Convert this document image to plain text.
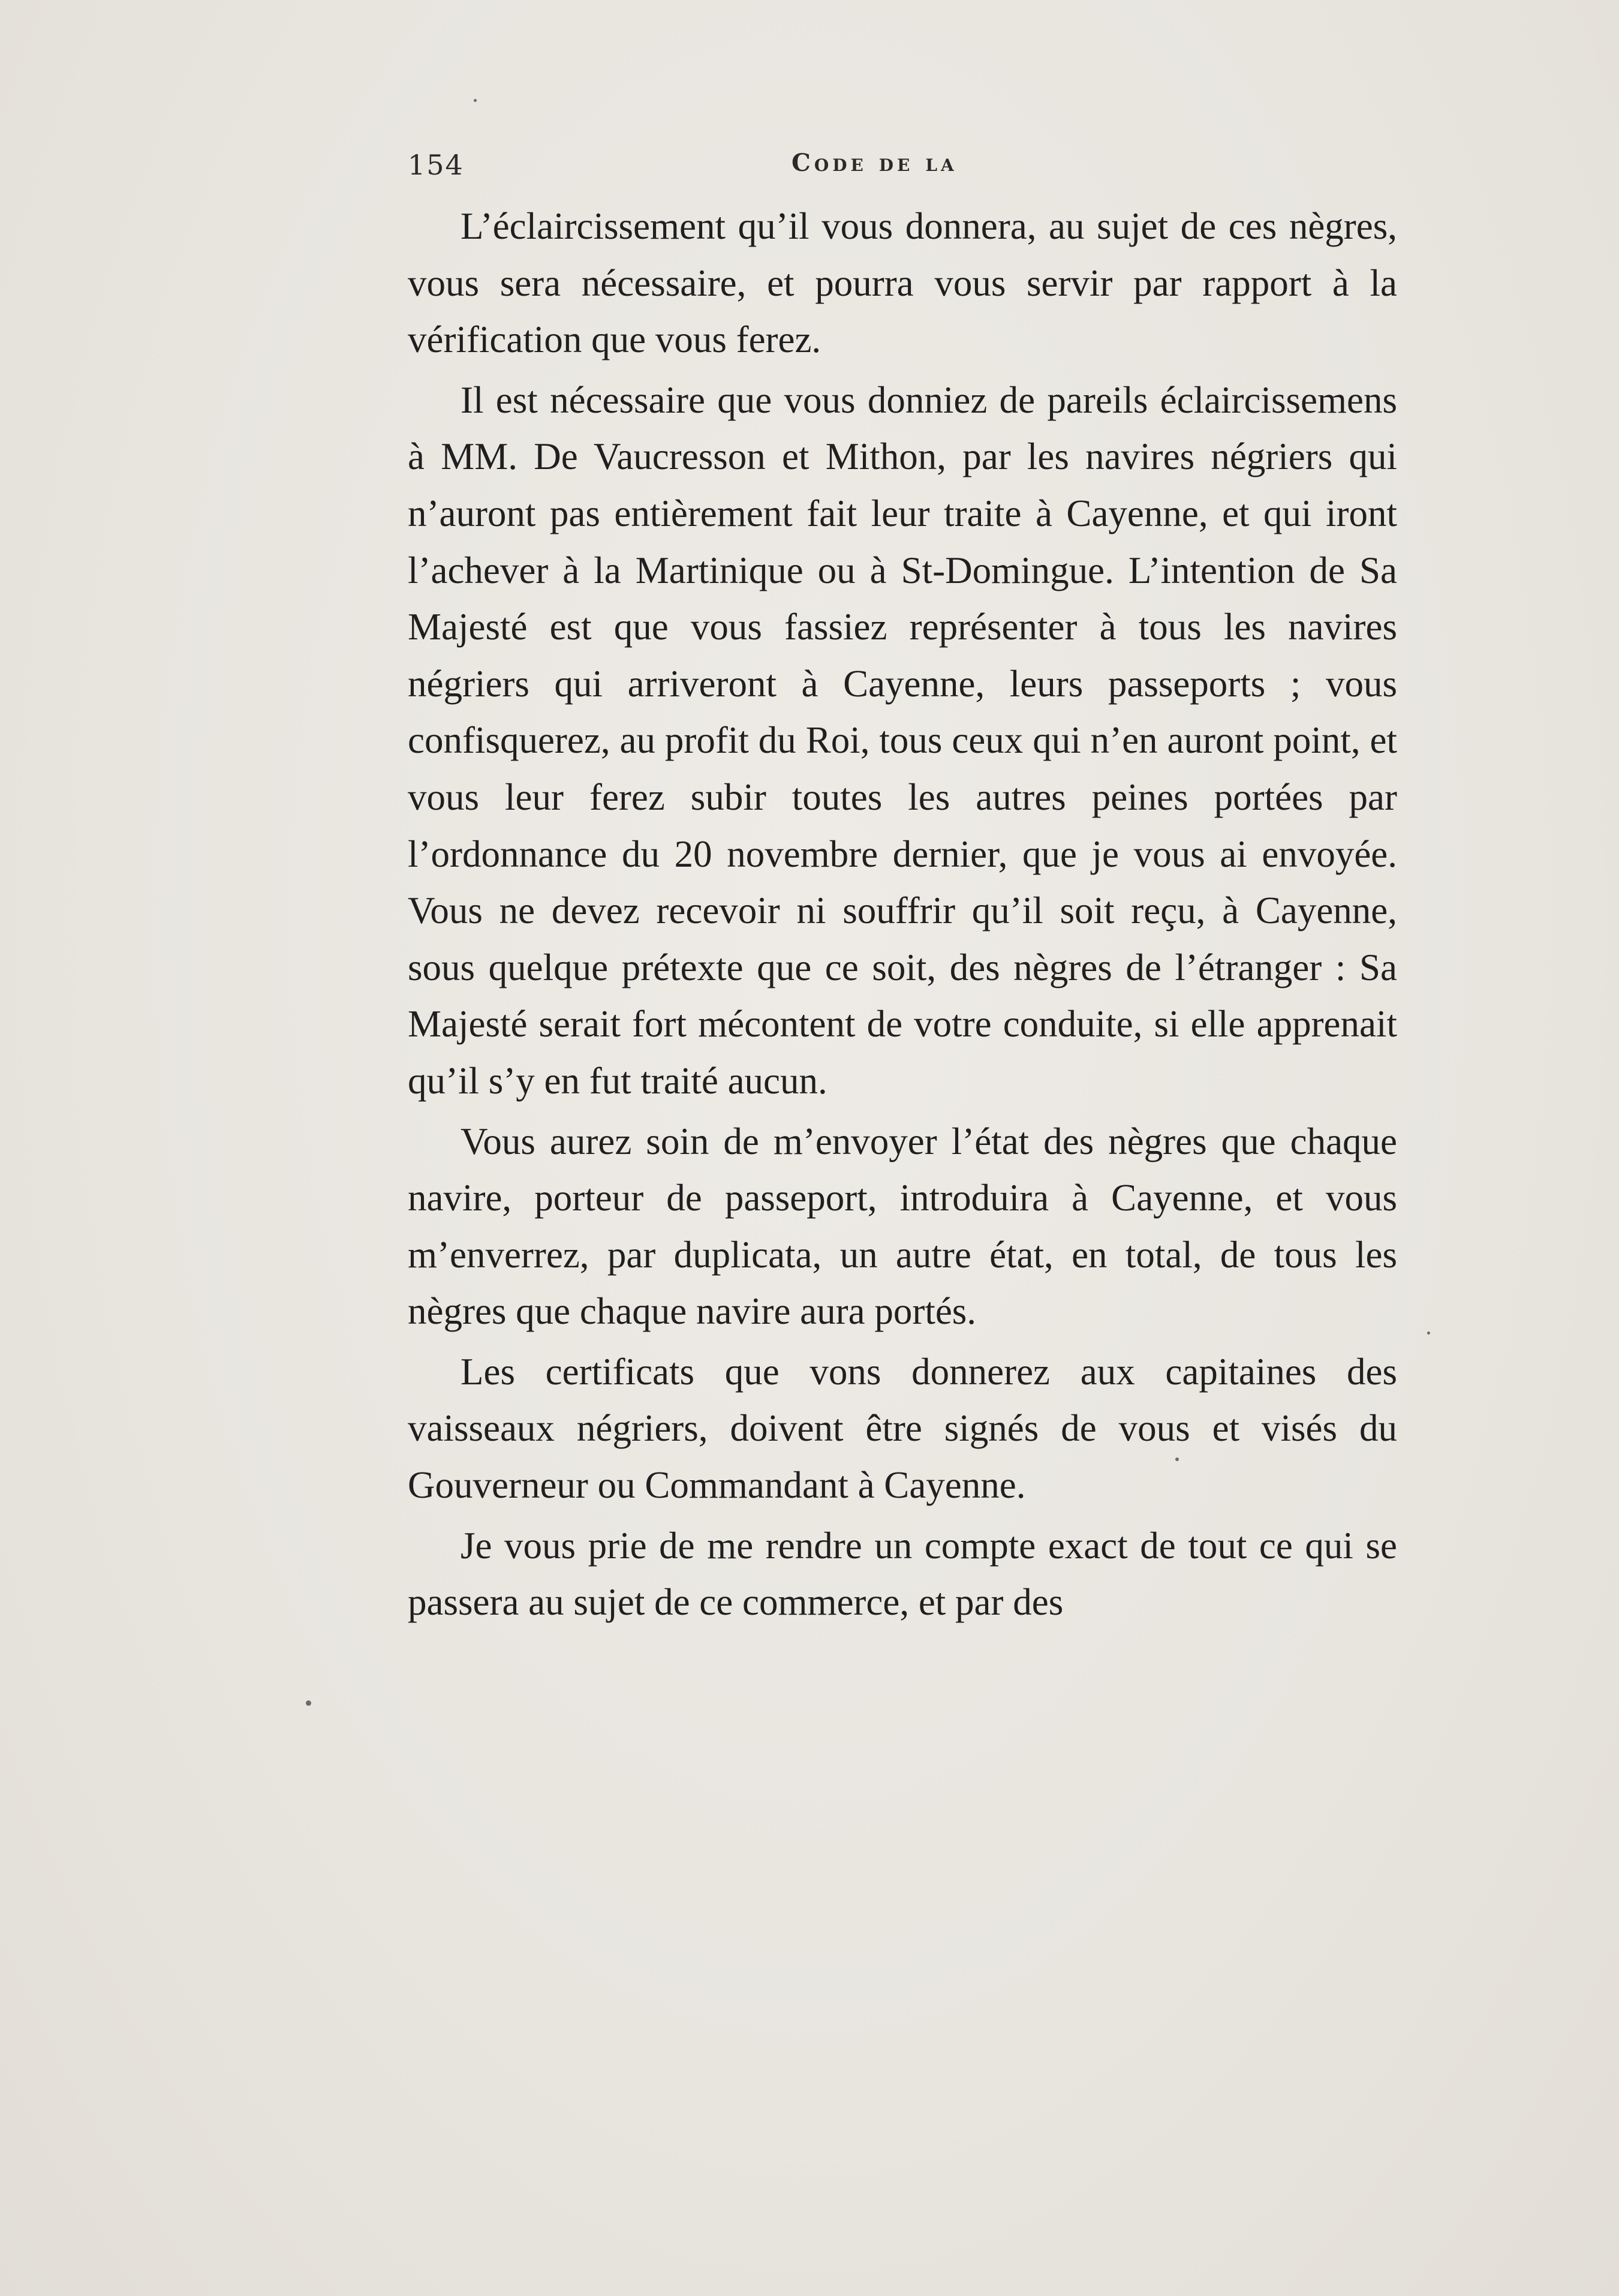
154	Code de la

L’éclaircissement qu’il vous donnera, au sujet de ces nègres, vous sera nécessaire, et pourra vous servir par rapport à la vérification que vous ferez.

Il est nécessaire que vous donniez de pareils éclaircissemens à MM. De Vaucresson et Mithon, par les navires négriers qui n’auront pas entièrement fait leur traite à Cayenne, et qui iront l’achever à la Martinique ou à St-Domingue. L’intention de Sa Majesté est que vous fassiez représenter à tous les navires négriers qui arriveront à Cayenne, leurs passeports ; vous confisquerez, au profit du Roi, tous ceux qui n’en auront point, et vous leur ferez subir toutes les autres peines portées par l’ordonnance du 20 novembre dernier, que je vous ai envoyée. Vous ne devez recevoir ni souffrir qu’il soit reçu, à Cayenne, sous quelque prétexte que ce soit, des nègres de l’étranger : Sa Majesté serait fort mécontent de votre conduite, si elle apprenait qu’il s’y en fut traité aucun.

Vous aurez soin de m’envoyer l’état des nègres que chaque navire, porteur de passeport, introduira à Cayenne, et vous m’enverrez, par duplicata, un autre état, en total, de tous les nègres que chaque navire aura portés.

Les certificats que vons donnerez aux capitaines des vaisseaux négriers, doivent être signés de vous et visés du Gouverneur ou Commandant à Cayenne.

Je vous prie de me rendre un compte exact de tout ce qui se passera au sujet de ce commerce, et par des
